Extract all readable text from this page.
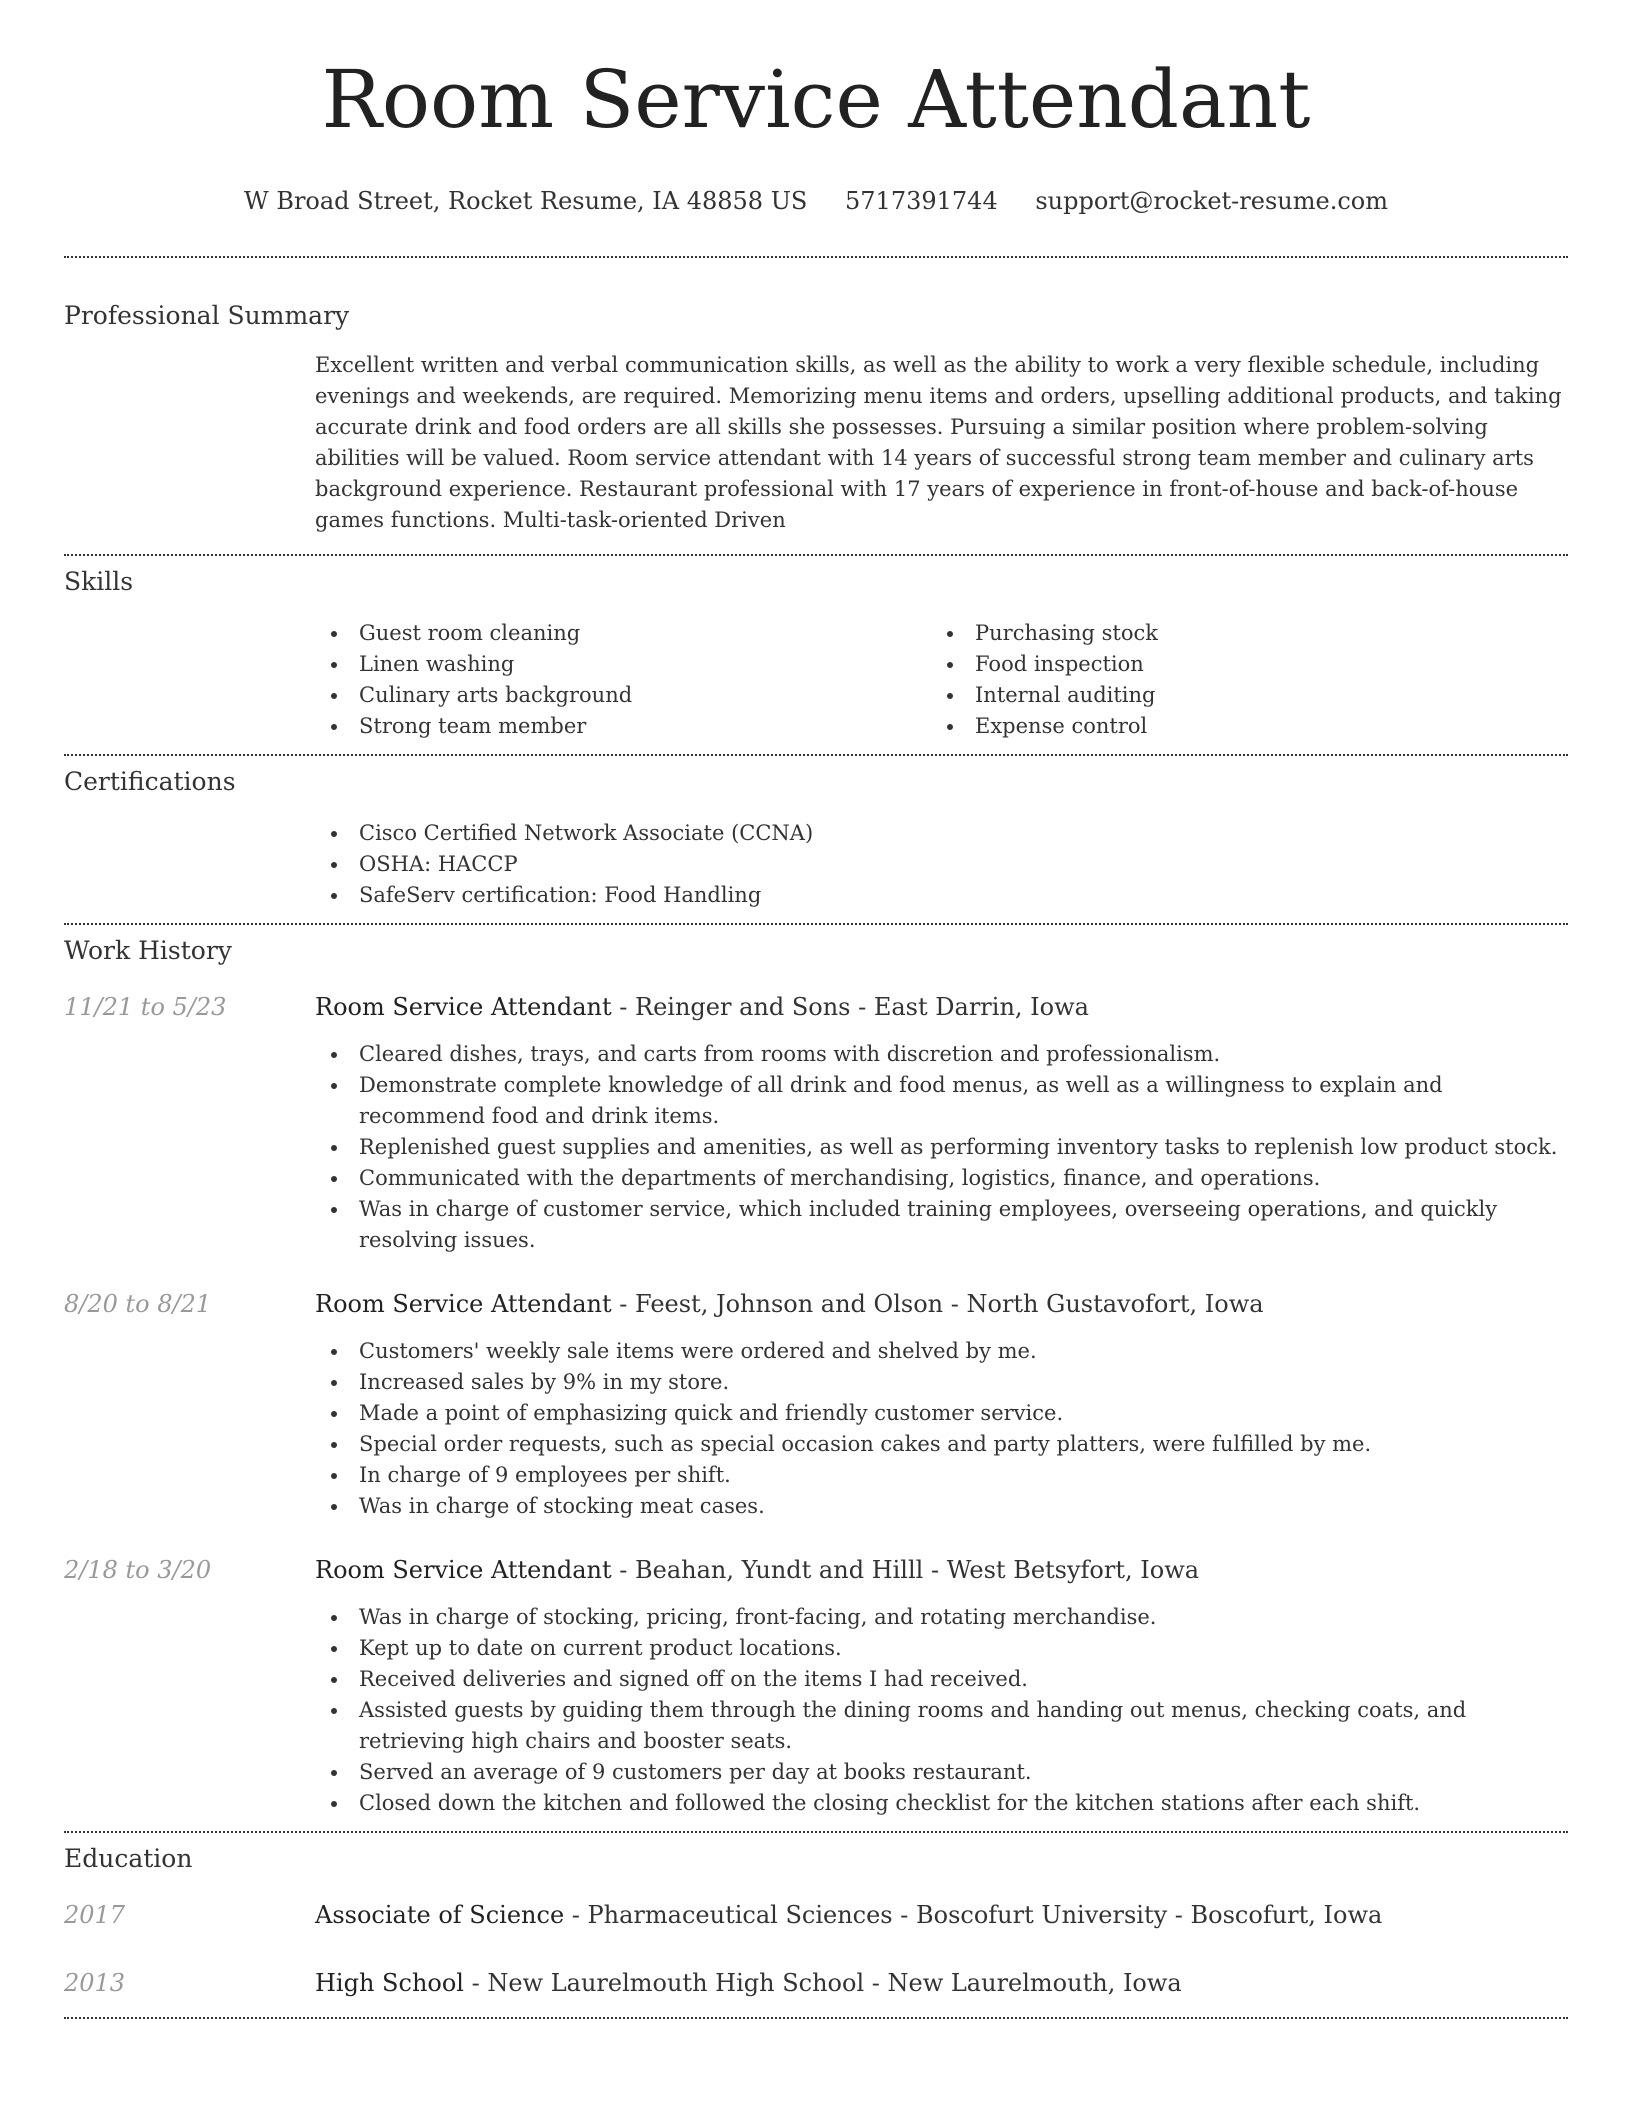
Room Service Attendant
W Broad Street, Rocket Resume, IA 48858 US 5717391744 support@rocket-resume.com
Professional Summary

Excellent written and verbal communication skills, as well as the ability to work a very flexible schedule, including evenings and weekends, are required. Memorizing menu items and orders, upselling additional products, and taking accurate drink and food orders are all skills she possesses. Pursuing a similar position where problem-solving abilities will be valued. Room service attendant with 14 years of successful strong team member and culinary arts background experience. Restaurant professional with 17 years of experience in front-of-house and back-of-house games functions. Multi-task-oriented Driven

Skills
Guest room cleaning
Linen washing
Culinary arts background
Strong team member
Purchasing stock
Food inspection
Internal auditing
Expense control
Certifications
Cisco Certified Network Associate (CCNA)
OSHA: HACCP
SafeServ certification: Food Handling
Work History
11/21 to 5/23	Room Service Attendant - Reinger and Sons - East Darrin, Iowa
Cleared dishes, trays, and carts from rooms with discretion and professionalism.
Demonstrate complete knowledge of all drink and food menus, as well as a willingness to explain and recommend food and drink items.
Replenished guest supplies and amenities, as well as performing inventory tasks to replenish low product stock.
Communicated with the departments of merchandising, logistics, finance, and operations.
Was in charge of customer service, which included training employees, overseeing operations, and quickly resolving issues.
8/20 to 8/21	Room Service Attendant - Feest, Johnson and Olson - North Gustavofort, Iowa
Customers' weekly sale items were ordered and shelved by me.
Increased sales by 9% in my store.
Made a point of emphasizing quick and friendly customer service.
Special order requests, such as special occasion cakes and party platters, were fulfilled by me.
In charge of 9 employees per shift.
Was in charge of stocking meat cases.
2/18 to 3/20	Room Service Attendant - Beahan, Yundt and Hilll - West Betsyfort, Iowa
Was in charge of stocking, pricing, front-facing, and rotating merchandise.
Kept up to date on current product locations.
Received deliveries and signed off on the items I had received.
Assisted guests by guiding them through the dining rooms and handing out menus, checking coats, and retrieving high chairs and booster seats.
Served an average of 9 customers per day at books restaurant.
Closed down the kitchen and followed the closing checklist for the kitchen stations after each shift.
Education
2017	Associate of Science - Pharmaceutical Sciences - Boscofurt University - Boscofurt, Iowa
2013	High School - New Laurelmouth High School - New Laurelmouth, Iowa
